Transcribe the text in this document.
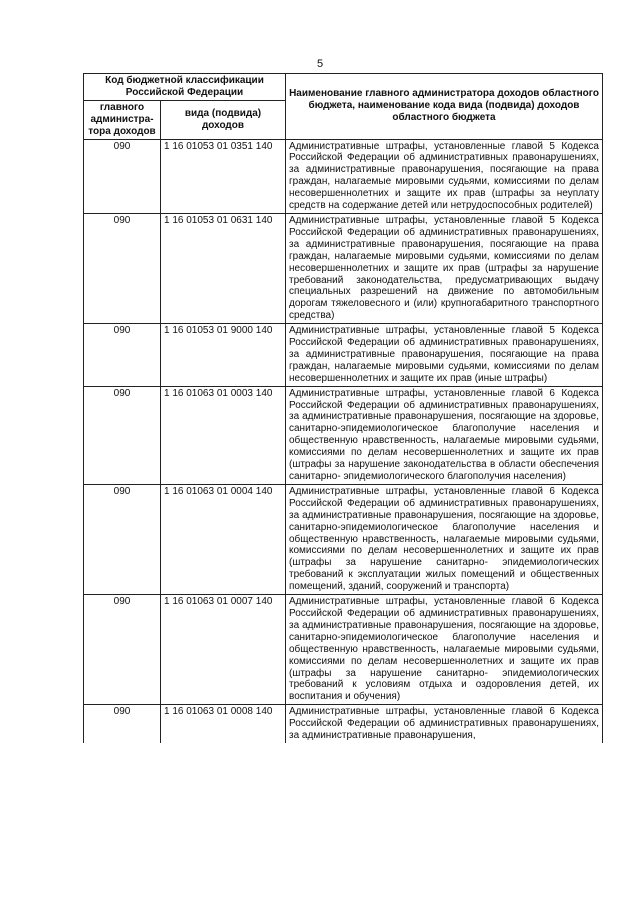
5
Код бюджетной классификации Российской Федерации		Наименование главного администратора доходов областного бюджета, наименование кода вида (подвида) доходов областного бюджета
главного администра-тора доходов	вида (подвида) доходов	
090	1 16 01053 01 0351 140	Административные штрафы, установленные главой 5 Кодекса Российской Федерации об административных правонарушениях, за административные правонарушения, посягающие на права граждан, налагаемые мировыми судьями, комиссиями по делам несовершеннолетних и защите их прав (штрафы за неуплату средств на содержание детей или нетрудоспособных родителей)
090	1 16 01053 01 0631 140	Административные штрафы, установленные главой 5 Кодекса Российской Федерации об административных правонарушениях, за административные правонарушения, посягающие на права граждан, налагаемые мировыми судьями, комиссиями по делам несовершеннолетних и защите их прав (штрафы за нарушение требований законодательства, предусматривающих выдачу специальных разрешений на движение по автомобильным дорогам тяжеловесного и (или) крупногабаритного транспортного средства)
090	1 16 01053 01 9000 140	Административные штрафы, установленные главой 5 Кодекса Российской Федерации об административных правонарушениях, за административные правонарушения, посягающие на права граждан, налагаемые мировыми судьями, комиссиями по делам несовершеннолетних и защите их прав (иные штрафы)
090	1 16 01063 01 0003 140	Административные штрафы, установленные главой 6 Кодекса Российской Федерации об административных правонарушениях, за административные правонарушения, посягающие на здоровье, санитарно-эпидемиологическое благополучие населения и общественную нравственность, налагаемые мировыми судьями, комиссиями по делам несовершеннолетних и защите их прав (штрафы за нарушение законодательства в области обеспечения санитарно- эпидемиологического благополучия населения)
090	1 16 01063 01 0004 140	Административные штрафы, установленные главой 6 Кодекса Российской Федерации об административных правонарушениях, за административные правонарушения, посягающие на здоровье, санитарно-эпидемиологическое благополучие населения и общественную нравственность, налагаемые мировыми судьями, комиссиями по делам несовершеннолетних и защите их прав (штрафы за нарушение санитарно- эпидемиологических требований к эксплуатации жилых помещений и общественных помещений, зданий, сооружений и транспорта)
090	1 16 01063 01 0007 140	Административные штрафы, установленные главой 6 Кодекса Российской Федерации об административных правонарушениях, за административные правонарушения, посягающие на здоровье, санитарно-эпидемиологическое благополучие населения и общественную нравственность, налагаемые мировыми судьями, комиссиями по делам несовершеннолетних и защите их прав (штрафы за нарушение санитарно- эпидемиологических требований к условиям отдыха и оздоровления детей, их воспитания и обучения)
090	1 16 01063 01 0008 140	Административные штрафы, установленные главой 6 Кодекса Российской Федерации об административных правонарушениях, за административные правонарушения,
